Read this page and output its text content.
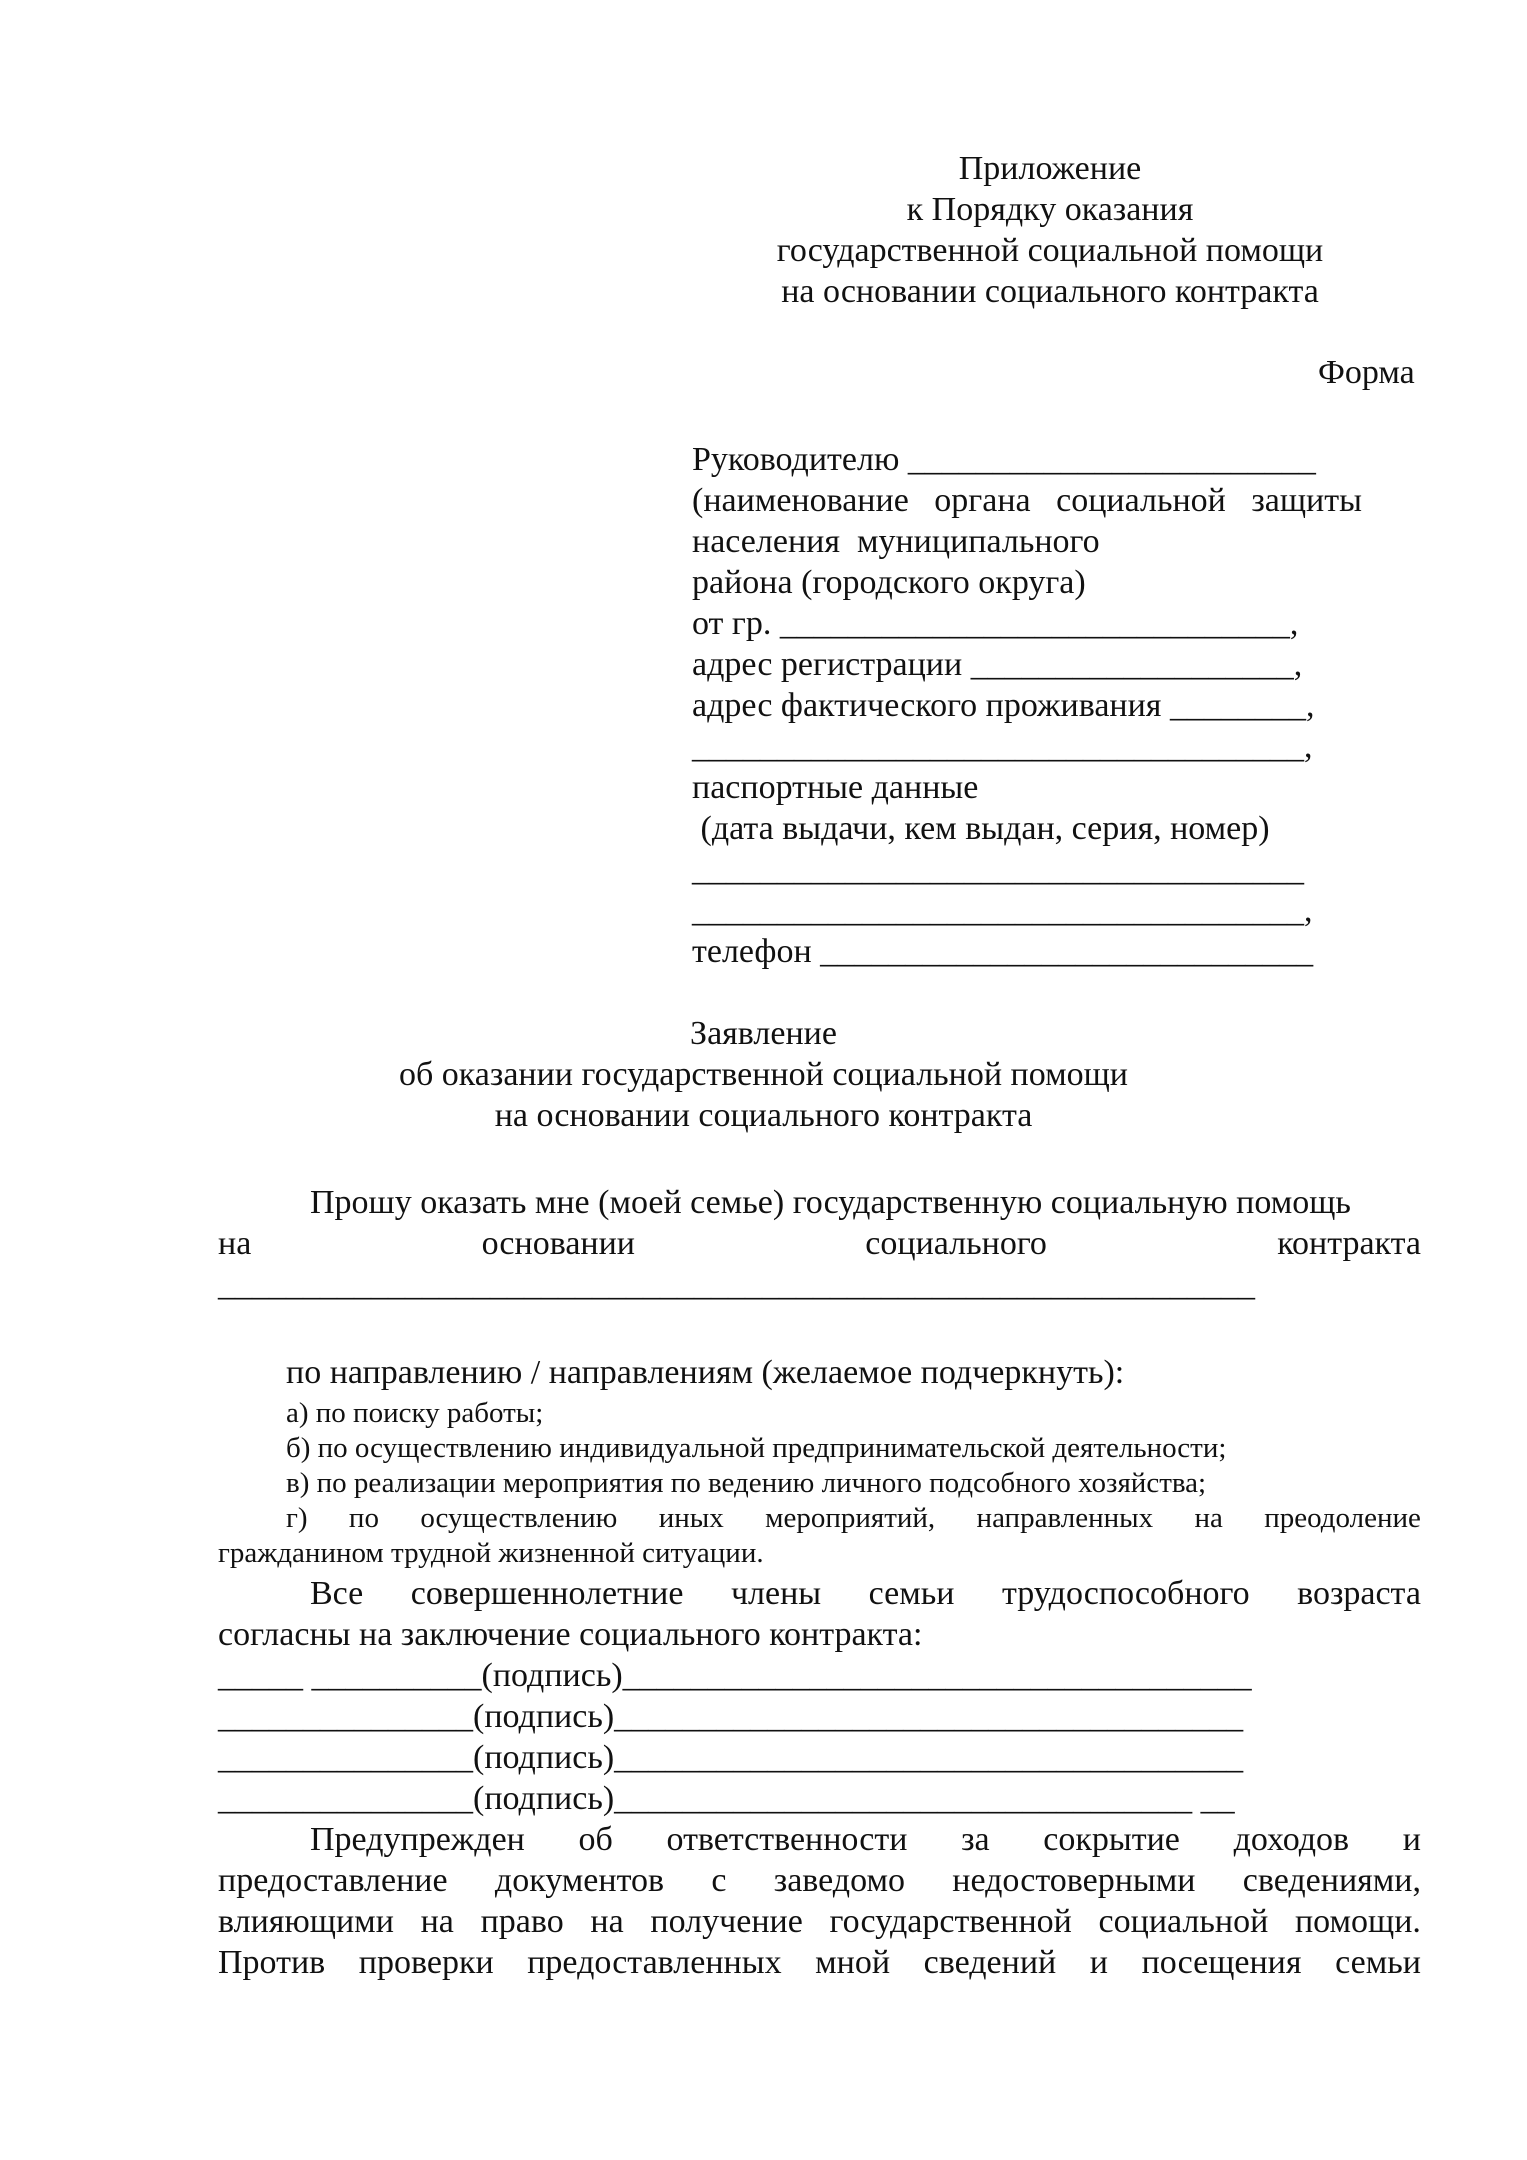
Приложение
к Порядку оказания
государственной социальной помощи
на основании социального контракта
Форма
Руководителю ________________________
(наименование   органа   социальной   защиты
населения  муниципального
района (городского округа)
от гр. ______________________________,
адрес регистрации ___________________,
адрес фактического проживания ________,
____________________________________,
паспортные данные
(дата выдачи, кем выдан, серия, номер)
____________________________________
____________________________________,
телефон _____________________________
Заявление
об оказании государственной социальной помощи
на основании социального контракта
Прошу оказать мне (моей семье) государственную социальную помощь
на	основании	социального	контракта
_____________________________________________________________
по направлению / направлениям (желаемое подчеркнуть):
а) по поиску работы;
б) по осуществлению индивидуальной предпринимательской деятельности;
в) по реализации мероприятия по ведению личного подсобного хозяйства;
г) по осуществлению иных мероприятий, направленных на преодоление
гражданином трудной жизненной ситуации.
Все совершеннолетние члены семьи трудоспособного возраста
согласны на заключение социального контракта:
_____ __________(подпись)_____________________________________
_______________(подпись)_____________________________________
_______________(подпись)_____________________________________
_______________(подпись)__________________________________ __
Предупрежден об ответственности за сокрытие доходов и
предоставление документов с заведомо недостоверными сведениями,
влияющими на право на получение государственной социальной помощи.
Против проверки предоставленных мной сведений и посещения семьи
